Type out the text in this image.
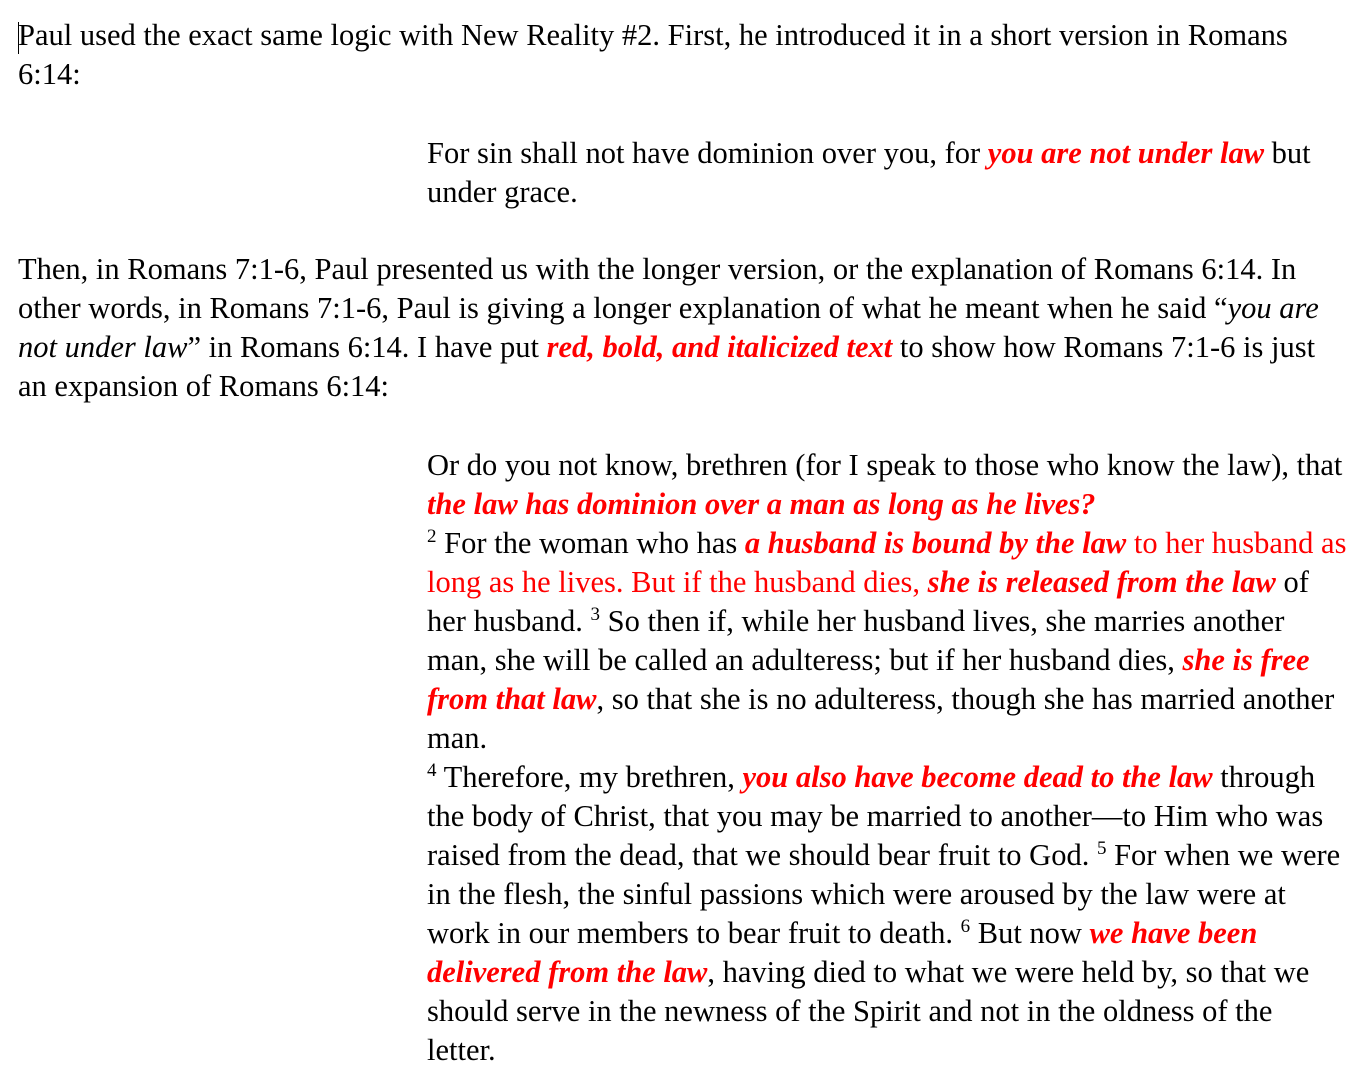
Paul used the exact same logic with New Reality #2. First, he introduced it in a short version in Romans 6:14:

For sin shall not have dominion over you, for you are not under law but under grace.

Then, in Romans 7:1-6, Paul presented us with the longer version, or the explanation of Romans 6:14. In other words, in Romans 7:1-6, Paul is giving a longer explanation of what he meant when he said “you are not under law” in Romans 6:14. I have put red, bold, and italicized text to show how Romans 7:1-6 is just an expansion of Romans 6:14:

Or do you not know, brethren (for I speak to those who know the law), that the law has dominion over a man as long as he lives?
$^2$ For the woman who has a husband is bound by the law to her husband as long as he lives. But if the husband dies, she is released from the law of her husband. $^3$ So then if, while her husband lives, she marries another man, she will be called an adulteress; but if her husband dies, she is free from that law, so that she is no adulteress, though she has married another man.
$^4$ Therefore, my brethren, you also have become dead to the law through the body of Christ, that you may be married to another—to Him who was raised from the dead, that we should bear fruit to God. $^5$ For when we were in the flesh, the sinful passions which were aroused by the law were at work in our members to bear fruit to death. $^6$ But now we have been delivered from the law, having died to what we were held by, so that we should serve in the newness of the Spirit and not in the oldness of the letter.
